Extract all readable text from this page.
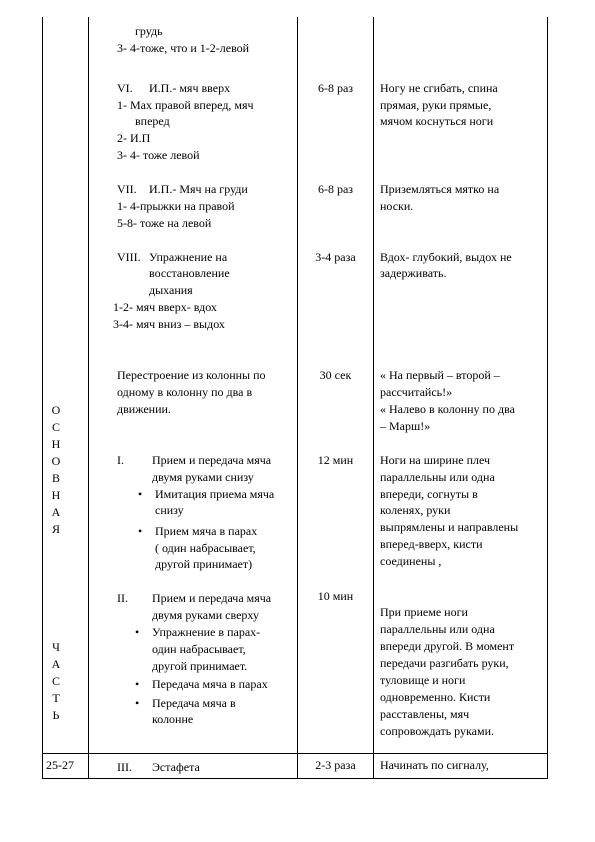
О
С
Н
О
В
Н
А
Я
Ч
А
С
Т
Ь
25-27
грудь
3- 4-тоже, что и 1-2-левой
VI. И.П.- мяч вверх
1- Мах правой вперед, мяч
вперед
2- И.П
3- 4- тоже левой
VII. И.П.- Мяч на груди
1- 4-прыжки на правой
5-8- тоже на левой
VIII. Упражнение на
восстановление
дыхания
1-2- мяч вверх- вдох
3-4- мяч вниз – выдох
Перестроение из колонны по
одному в колонну по два в
движении.
I. Прием и передача мяча
двумя руками снизу
• Имитация приема мяча
снизу
• Прием мяча в парах
( один набрасывает,
другой принимает)
II. Прием и передача мяча
двумя руками сверху
• Упражнение в парах-
один набрасывает,
другой принимает.
• Передача мяча в парах
• Передача мяча в
колонне
III. Эстафета
6-8 раз
6-8 раз
3-4 раза
30 сек
12 мин
10 мин
2-3 раза
Ногу не сгибать, спина
прямая, руки прямые,
мячом коснуться ноги
Приземляться мятко на
носки.
Вдох- глубокий, выдох не
задерживать.
« На первый – второй –
рассчитайсь!»
« Налево в колонну по два
– Марш!»
Ноги на ширине плеч
параллельны или одна
впереди, согнуты в
коленях, руки
выпрямлены и направлены
вперед-вверх, кисти
соединены ,
При приеме ноги
параллельны или одна
впереди другой. В момент
передачи разгибать руки,
туловище и ноги
одновременно. Кисти
расставлены, мяч
сопровождать руками.
Начинать по сигналу,
